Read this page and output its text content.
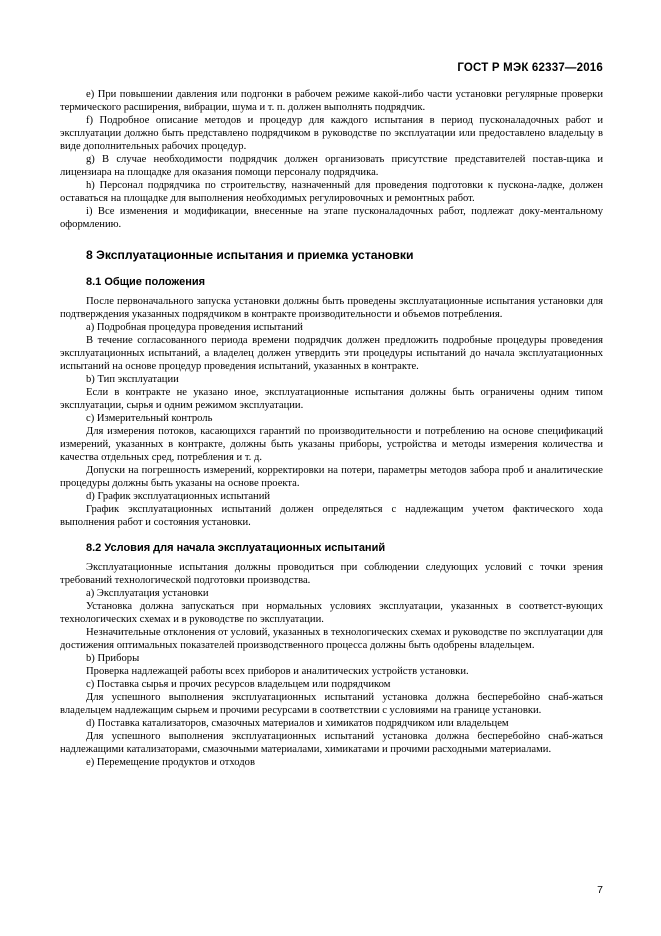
ГОСТ Р МЭК 62337—2016

e) При повышении давления или подгонки в рабочем режиме какой-либо части установки регулярные проверки термического расширения, вибрации, шума и т. п. должен выполнять подрядчик.

f) Подробное описание методов и процедур для каждого испытания в период пусконаладочных работ и эксплуатации должно быть представлено подрядчиком в руководстве по эксплуатации или предоставлено владельцу в виде дополнительных рабочих процедур.

g) В случае необходимости подрядчик должен организовать присутствие представителей постав-щика и лицензиара на площадке для оказания помощи персоналу подрядчика.

h) Персонал подрядчика по строительству, назначенный для проведения подготовки к пускона-ладке, должен оставаться на площадке для выполнения необходимых регулировочных и ремонтных работ.

i) Все изменения и модификации, внесенные на этапе пусконаладочных работ, подлежат доку-ментальному оформлению.

8 Эксплуатационные испытания и приемка установки

8.1 Общие положения

После первоначального запуска установки должны быть проведены эксплуатационные испытания установки для подтверждения указанных подрядчиком в контракте производительности и объемов потребления.

a) Подробная процедура проведения испытаний

В течение согласованного периода времени подрядчик должен предложить подробные процедуры проведения эксплуатационных испытаний, а владелец должен утвердить эти процедуры испытаний до начала эксплуатационных испытаний на основе процедур проведения испытаний, указанных в контракте.

b) Тип эксплуатации

Если в контракте не указано иное, эксплуатационные испытания должны быть ограничены одним типом эксплуатации, сырья и одним режимом эксплуатации.

c) Измерительный контроль

Для измерения потоков, касающихся гарантий по производительности и потреблению на основе спецификаций измерений, указанных в контракте, должны быть указаны приборы, устройства и методы измерения количества и качества отдельных сред, потребления и т. д.

Допуски на погрешность измерений, корректировки на потери, параметры методов забора проб и аналитические процедуры должны быть указаны на основе проекта.

d) График эксплуатационных испытаний

График эксплуатационных испытаний должен определяться с надлежащим учетом фактического хода выполнения работ и состояния установки.

8.2 Условия для начала эксплуатационных испытаний

Эксплуатационные испытания должны проводиться при соблюдении следующих условий с точки зрения требований технологической подготовки производства.

a) Эксплуатация установки

Установка должна запускаться при нормальных условиях эксплуатации, указанных в соответст-вующих технологических схемах и в руководстве по эксплуатации.

Незначительные отклонения от условий, указанных в технологических схемах и руководстве по эксплуатации для достижения оптимальных показателей производственного процесса должны быть одобрены владельцем.

b) Приборы

Проверка надлежащей работы всех приборов и аналитических устройств установки.

c) Поставка сырья и прочих ресурсов владельцем или подрядчиком

Для успешного выполнения эксплуатационных испытаний установка должна бесперебойно снаб-жаться владельцем надлежащим сырьем и прочими ресурсами в соответствии с условиями на границе установки.

d) Поставка катализаторов, смазочных материалов и химикатов подрядчиком или владельцем

Для успешного выполнения эксплуатационных испытаний установка должна бесперебойно снаб-жаться надлежащими катализаторами, смазочными материалами, химикатами и прочими расходными материалами.

e) Перемещение продуктов и отходов

7
